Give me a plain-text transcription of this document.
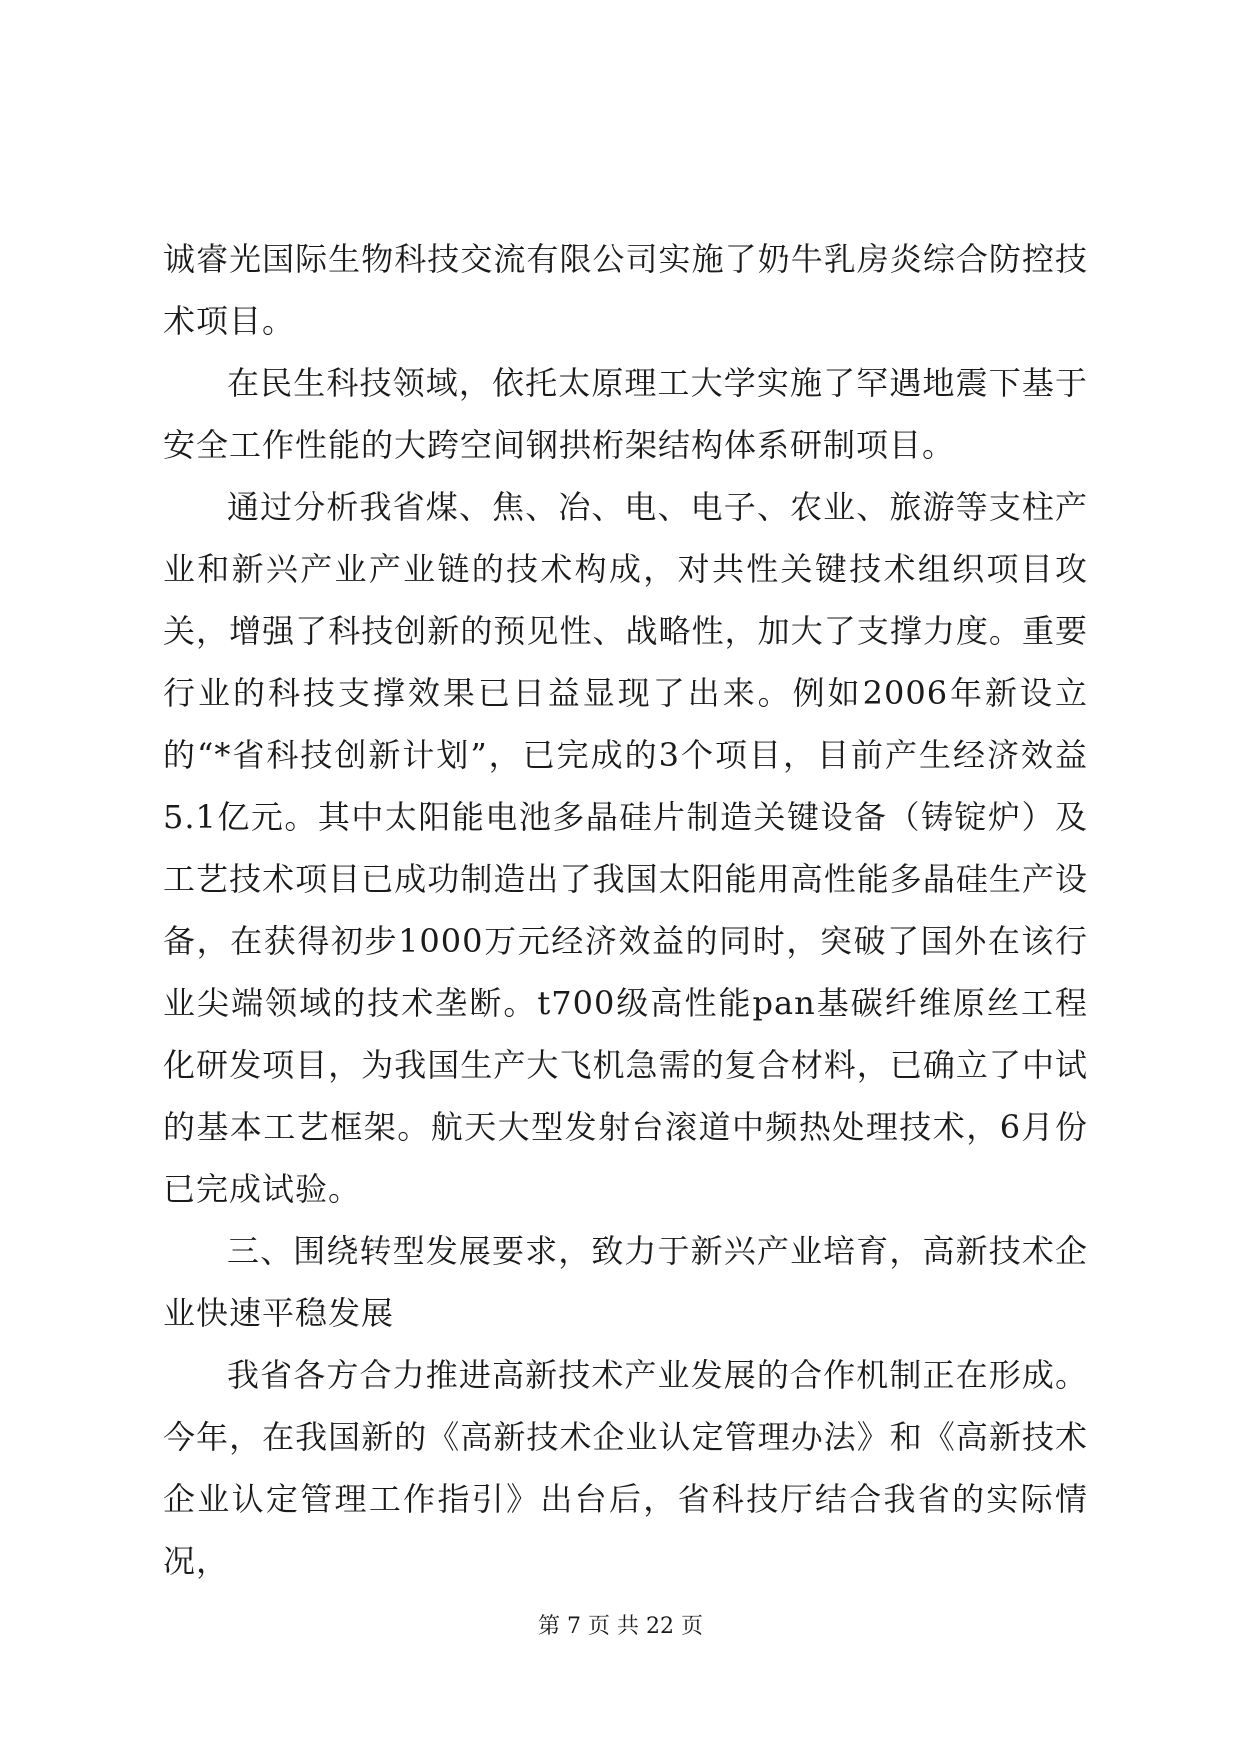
诚睿光国际生物科技交流有限公司实施了奶牛乳房炎综合防控技术项目。

在民生科技领域，依托太原理工大学实施了罕遇地震下基于安全工作性能的大跨空间钢拱桁架结构体系研制项目。

通过分析我省煤、焦、冶、电、电子、农业、旅游等支柱产业和新兴产业产业链的技术构成，对共性关键技术组织项目攻关，增强了科技创新的预见性、战略性，加大了支撑力度。重要行业的科技支撑效果已日益显现了出来。例如2006年新设立的“*省科技创新计划”，已完成的3个项目，目前产生经济效益5.1亿元。其中太阳能电池多晶硅片制造关键设备（铸锭炉）及工艺技术项目已成功制造出了我国太阳能用高性能多晶硅生产设备，在获得初步1000万元经济效益的同时，突破了国外在该行业尖端领域的技术垄断。t700级高性能pan基碳纤维原丝工程化研发项目，为我国生产大飞机急需的复合材料，已确立了中试的基本工艺框架。航天大型发射台滚道中频热处理技术，6月份已完成试验。

三、围绕转型发展要求，致力于新兴产业培育，高新技术企业快速平稳发展

我省各方合力推进高新技术产业发展的合作机制正在形成。今年，在我国新的《高新技术企业认定管理办法》和《高新技术企业认定管理工作指引》出台后，省科技厅结合我省的实际情况，

第 7 页 共 22 页
